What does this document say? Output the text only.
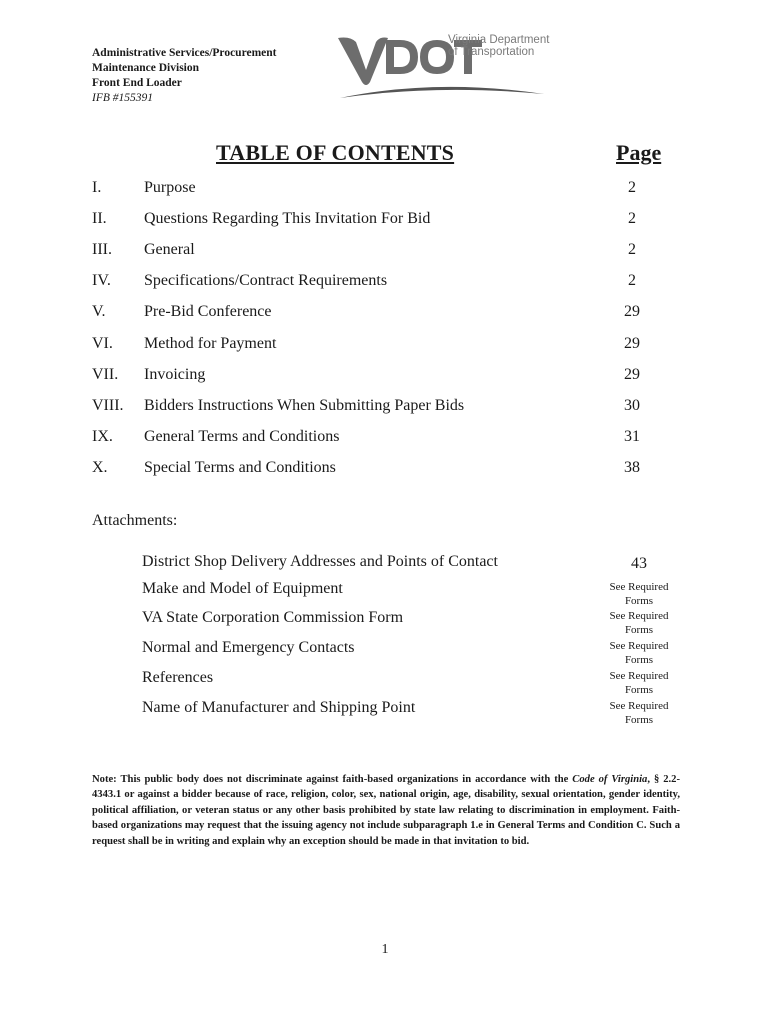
Administrative Services/Procurement
Maintenance Division
Front End Loader
IFB #155391
Virginia Department
of Transportation
TABLE OF CONTENTS	Page
I.	Purpose	2
II. Questions Regarding This Invitation For Bid	2
III. General	2
IV. Specifications/Contract Requirements	2
V. Pre-Bid Conference	29
VI. Method for Payment	29
VII. Invoicing	29
VIII. Bidders Instructions When Submitting Paper Bids	30
IX. General Terms and Conditions	31
X. Special Terms and Conditions	38
Attachments:
District Shop Delivery Addresses and Points of Contact	43
Make and Model of Equipment	See Required
Forms
VA State Corporation Commission Form	See Required
Forms
Normal and Emergency Contacts	See Required
Forms
References	See Required
Forms
Name of Manufacturer and Shipping Point	See Required
Forms
Note: This public body does not discriminate against faith-based organizations in accordance with the Code of Virginia, § 2.2-4343.1 or against a bidder because of race, religion, color, sex, national origin, age, disability, sexual orientation, gender identity, political affiliation, or veteran status or any other basis prohibited by state law relating to discrimination in employment. Faith-based organizations may request that the issuing agency not include subparagraph 1.e in General Terms and Condition C. Such a request shall be in writing and explain why an exception should be made in that invitation to bid.
1
